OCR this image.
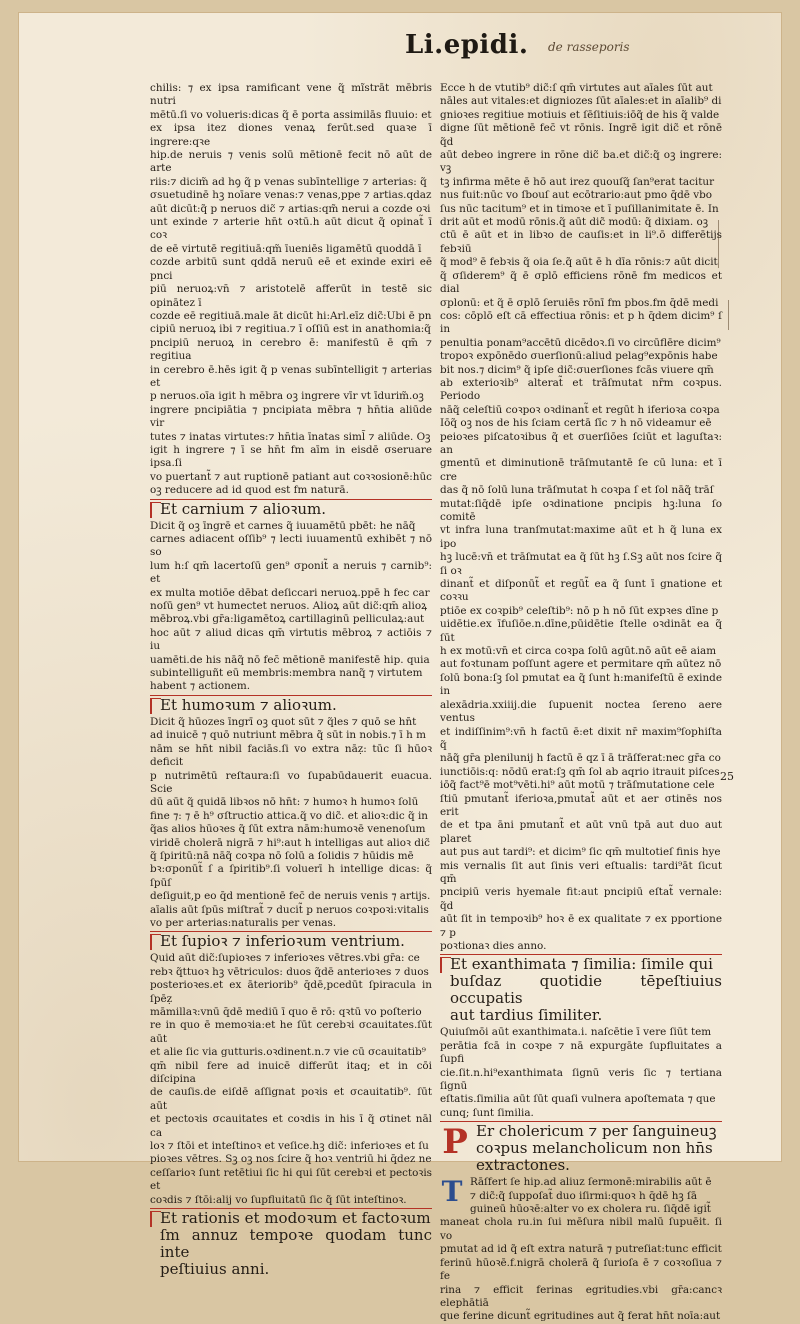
Li.epidi. de rasseporis
chilis: ⁊ ex ipsa ramificant vene q̃ mĩstrāt mēbris nutri
mētū.ſi vo volueris:dicas q̃ ē porta assimilās fluuio: et
ex ipsa itez diones venaꝝ ferūt.sed quaꝛe ī ingrere:qꝛe
hip.de neruis ⁊ venis solū mētionē fecit nō aūt de arte
riis:⁊ dicim̃ ad hꝯ q̃ p venas subīntellige ⁊ arterias: q̃
σsuetudinē hꝫ noīare venas:⁊ venas,ppe ⁊ artias.qdaz
aūt dicūt:q̃ p neruos dic̃ ⁊ artias:qm̃ nerui a cozde oꝛi
unt exinde ⁊ arterie hn̄t oꝛtū.h aūt dicut q̃ opinat̃ ī coꝛ
de eē virtutē regitiuā:qm̃ īueniēs ligamētū quoddā ī
cozde arbitū sunt qddā neruū eē et exinde exiri eē pnci
piū neruoꝝ:vn̄ ⁊ aristotelē afferūt in testē sic opinātez ī
cozde eē regitiuā.male āt dicūt hi:Arl.eīz dic̃:Ubi ē pn
cipiū neruoꝝ ibi ⁊ regitiua.⁊ ī oſſiū est in anathomia:q̃
pncipiū neruoꝝ in cerebro ē: manifestū ē qm̄ ⁊ regitiua
in cerebro ē.hēs igit q̃ p venas subīntelligit ⁊ arterias et
p neruos.oīa igit h mēbra oꝫ ingrere vīr vt īdurim̃.oꝫ
ingrere pncipiātia ⁊ pncipiata mēbra ⁊ hn̄tia aliūde vir
tutes ⁊ inatas virtutes:⁊ hn̄tia īnatas siml̃ ⁊ aliūde. Oꝫ
igit h ingrere ⁊ ī se hn̄t fm aīm in eisdē σseruare ipsa.ſi
vo puertant̃ ⁊ aut ruptionē patiant aut coꝛꝛosionē:hūc
oꝫ reducere ad id quod est fm naturā.
Et carnium ⁊ alioꝛum.
Dicit q̃ oꝫ īngrē et carnes q̃ iuuamētū pbēt: he nāq̃
carnes adiacent oſſib⁹ ⁊ lecti iuuamentū exhibēt ⁊ nō so
lum h:ſ qm̄ lacertoſū gen⁹ σponit̃ a neruis ⁊ carnib⁹: et
ex multa motiōe dēbat deſiccari neruoꝝ.ppē h fec car
noſū gen⁹ vt humectet neruos. Alioꝝ aūt dic̃:qm̄ alioꝝ
mēbroꝝ.vbi gr̄a:ligamētoꝝ cartillaginū pelliculaꝝ:aut
hoc aūt ⁊ aliud dicas qm̄ virtutis mēbroꝝ ⁊ actiōis ⁊ iu
uamēti.de his nāq̃ nō fec̄ mētionē manifestē hip. quia
subintelliguñt eū membris:membra nanq̃ ⁊ virtutem
habent ⁊ actionem.
Et humoꝛum ⁊ alioꝛum.
Dicit q̃ hūozes īngrī oꝫ quot sūt ⁊ q̃les ⁊ quō se hn̄t
ad inuicē ⁊ quō nutriunt mēbra q̃ sūt in nobis.⁊ ī h m
nām se hn̄t nibil faciās.ſi vo extra nāẓ: tūc ſi hūoꝛ deficit
p nutrimētū reſtaura:ſi vo ſupabūdauerit euacua. Scie
dū aūt q̃ quidā libꝛos nō hn̄t: ⁊ humoꝛ h humoꝛ ſolū
fine ⁊: ⁊ ē h⁹ σſtructio attica.q̃ vo dic̃. et alioꝛ:dic q̃ in
q̃as alios hūoꝛes q̃ ſūt extra nām:humoꝛē venenoſum
viridē cholerā nigrā ⁊ hi⁹:aut h intelligas aut alioꝛ dic̃
q̃ ſpiritū:nā nāq̃ coꝛpa nō ſolū a ſolidis ⁊ hūidis mē
bꝛ:σponūt̃ ſ a ſpiritib⁹.ſi voluerī h intellige dicas: q̃ ſpūſ
deſiguit,p eo q̄d mentionē fec̄ de neruis venis ⁊ artijs.
aīalis aūt ſpūs miſtrat̃ ⁊ ducit̃ p neruos coꝛpoꝛi:vitalis
vo per arterias:naturalis per venas.
Et ſupioꝛ ⁊ inferioꝛum ventrium.
Quid aūt dic̃:ſupioꝛes ⁊ inferioꝛes vētres.vbi gr̄a: ce
rebꝛ q̃ttuoꝛ hꝫ vētriculos: duos q̃dē anterioꝛes ⁊ duos
posterioꝛes.et ex āteriorib⁹ q̄dē,pcedūt ſpiracula in ſpēẓ
māmillaꝛ:vnū q̄dē mediū ī quo ē rō: qꝛtū vo poſterio
re in quo ē memoꝛia:et he ſūt cerebꝛi σcauitates.ſūt aūt
et alie ſic via gutturis.oꝛdinent.n.⁊ vie cū σcauitatib⁹
qm̄ nibil fere ad inuicē differūt itaq; et in cōi diſcipina
de cauſis.de eiſdē aſſignat poꝛis et σcauitatib⁹. ſūt aūt
et pectoꝛis σcauitates et coꝛdis in his ī q̃ σtinet nāl ca
loꝛ ⁊ ſtōi et inteſtinoꝛ et veſice.hꝫ dic̃: inferioꝛes et ſu
pioꝛes vētres. Sꝫ oꝫ nos ſcire q̃ hoꝛ ventriū hi q̄dez ne
ceſſarioꝛ ſunt retētiui ſic hi qui ſūt cerebꝛi et pectoꝛis et
coꝛdis ⁊ ſtōi:alij vo ſupfluitatū ſic q̃ ſūt inteſtinoꝛ.
Et rationis et modoꝛum et factoꝛum
ſm annuz tempoꝛe quodam tunc inte
peſtiuius anni.
Ecce h de vtutib⁹ dic̃:ſ qm̄ virtutes aut aīales ſūt aut
nāles aut vitales:et digniozes ſūt aīales:et in aīalib⁹ di
gnioꝛes regitiue motiuis et ſēſitiuis:iōq̃ de his q̃ valde
digne ſūt mētionē fec̄ vt rōnis. Ingrē igit dic̃ et rōnē q̃d
aūt debeo ingrere in rōne dic̃ ba.et dic̃:q̃ oꝫ ingrere: vꝫ
tꝫ infirma mēte ē hō aut irez quouſq̃ ſan⁹erat tacitur
nus fuit:nūc vo ſbouſ aut ecōtrario:aut pmo q̄dē vbo
ſus nūc tacitum⁹ et in timoꝛe et ī puſillanimitate ē. In
drit aūt et modū rōnis.q̃ aūt dic̃ modū: q̃ dixiam. oꝫ
ctū ē aūt et in libꝛo de cauſis:et in li⁹.ō differētijs febꝛiū
q̃ mod⁹ ē febꝛis q̃ oia ſe.q̃ aūt ē h dīa rōnis:⁊ aūt dicit
q̃ σſiderem⁹ q̃ ē σplō efficiens rōnē fm medicos et dial
σplonū: et q̃ ē σplō ſeruiēs rōnī fm pbos.fm q̄dē medi
cos: cōplō eſt cā effectiua rōnis: et p h q̄dem dicim⁹ ſ in
penultia ponam⁹accētū dicēdoꝛ.ſi vo circūflēre dicim⁹
tropoꝛ expōnēdo σuerſionū:aliud pelag⁹expōnis habe
bit nos.⁊ dicim⁹ q̃ ipſe dic̃:σuerſiones fcās viuere qm̄
ab exterioꝛib⁹ alterat̃ et trāſmutat nr̄m coꝛpus. Periodo
nāq̃ celeſtiū coꝛpoꝛ oꝛdinant̃ et regūt h iferioꝛa coꝛpa
Iōq̃ oꝫ nos de his ſciam certā ſīc ⁊ h nō videamur eē
peioꝛes piſcatoꝛibus q̃ et σuerſiōes ſciūt et laguſtaꝛ: an
gmentū et diminutionē trāſmutantē ſe cū luna: et ī cre
das q̃ nō ſolū luna trāſmutat h coꝛpa ſ et ſol nāq̃ trāſ
mutat:ſiq̄dē ipſe oꝛdinatione pncipis hꝫ:luna ſo comitē
vt infra luna tranſmutat:maxime aūt et h q̃ luna ex ipo
hꝫ lucē:vn̄ et trāſmutat ea q̃ ſūt hꝫ ſ.Sꝫ aūt nos ſcire q̃ ſi oꝛ
dinant̃ et diſponūt̃ et regūt̃ ea q̃ ſunt ī gnatione et coꝛꝛu
ptiōe ex coꝛpib⁹ celeſtib⁹: nō p h nō ſūt expꝛes dīne p
uidētie.ex īfuſiōe.n.dīne,pūidētie ſtelle oꝛdināt ea q̃ ſūt
h ex motū:vn̄ et circa coꝛpa ſolū agūt.nō aūt eē aiam
aut foꝛtunam poſſunt agere et permitare qm̄ aūtez nō
ſolū bona:ſꝫ ſol pmutat ea q̃ ſunt h:manifeſtū ē exinde in
alexādria.xxiiij.die ſupuenit noctea ſereno aere ventus
et indiſſinim⁹:vn̄ h factū ē:et dixit nr̄ maxim⁹ſophiſta q̃
nāq̃ gr̄a plenilunij h factū ē qz ī ā trāſferat:nec gr̄a co
iunctiōis:q: nōdū erat:ſꝫ qm̄ ſol ab aqrio itrauit piſces
iōq̃ fact⁹ē mot⁹vēti.hi⁹ aūt motū ⁊ trāſmutatione cele
ſtiū pmutant̃ iferioꝛa,pmutat̃ aūt et aer σtinēs nos erit
de et tpa āni pmutant̃ et aūt vnū tpā aut duo aut plaret
aut pus aut tardi⁹: et dicim⁹ ſic qm̄ multotieſ finis hye
mis vernalis ſit aut ſinis veri eſtualis: tardi⁹āt ſicut qm̄
pncipiū veris hyemale fit:aut pncipiū eſtat̃ vernale: q̃d
aūt ſit in tempoꝛib⁹ hoꝛ ē ex qualitate ⁊ ex pportione ⁊ p
poꝛtionaꝛ dies anno.
Et exanthimata ⁊ ſimilia: ſimile qui
buſdaz quotidie tēpeſtiuius occupatis
aut tardius ſimiliter.
Quiuſmōi aūt exanthimata.i. naſcētie ī vere ſiūt tem
perātia fcā in coꝛpe ⁊ nā expurgāte ſupfluitates a ſupfi
cie.ſit.n.hi⁹exanthimata ſignū veris ſic ⁊ tertiana ſignū
eſtatis.ſimilia aūt ſūt quaſi vulnera apoſtemata ⁊ que
cunq; ſunt ſimilia.
P Er cholericum ⁊ per ſanguineuꝫ
coꝛpus melancholicum non hn̄s
extractones.
T Rāſfert ſe hip.ad aliuz ſermonē:mirabilis aūt ē
⁊ dic̃:q̃ ſuppoſat̃ duo iſirmi:quoꝛ h q̄dē hꝫ ſā
guineū hūoꝛē:alter vo ex cholera ru. ſiq̄dē igit̃
maneat chola ru.in ſui mēſura nibil malū ſupuēit. ſi vo
pmutat ad id q̃ eſt extra naturā ⁊ putreſiat:tunc efficit
ferinū hūoꝛē.f.nigrā cholerā q̃ ſurioſa ē ⁊ coꝛꝛoſiua ⁊ fe
rina ⁊ efficit ferinas egritudies.vbi gr̄a:cancꝛ elephātiā
que ferine dicunt̃ egritudines aut q̃ ferat hn̄t noīa:aut
25
